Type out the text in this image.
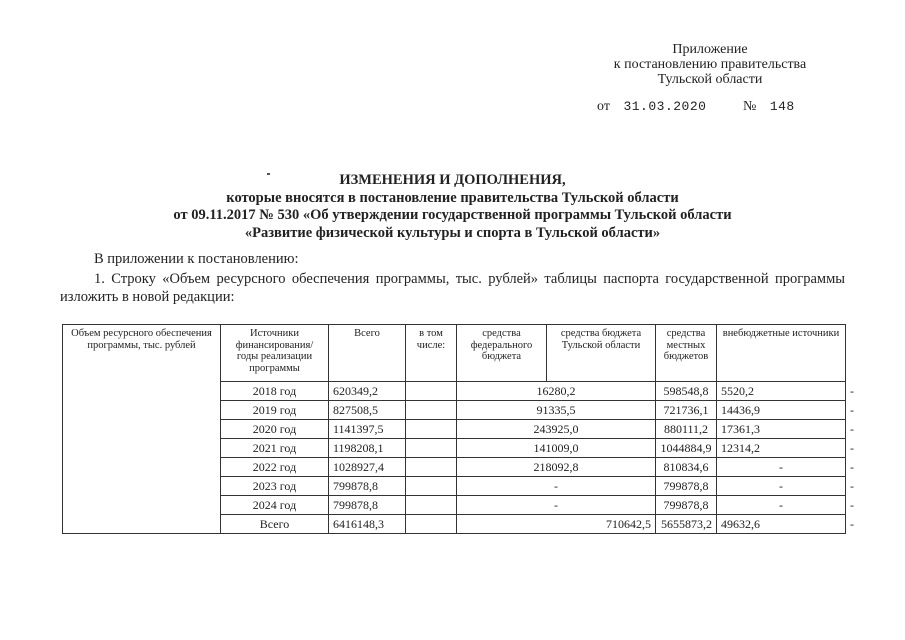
Приложение
к постановлению правительства
Тульской области
от 31.03.2020	№ 148
ИЗМЕНЕНИЯ И ДОПОЛНЕНИЯ,
которые вносятся в постановление правительства Тульской области
от 09.11.2017 № 530 «Об утверждении государственной программы Тульской области
«Развитие физической культуры и спорта в Тульской области»
В приложении к постановлению:
1. Строку «Объем ресурсного обеспечения программы, тыс. рублей» таблицы паспорта государственной программы изложить в новой редакции:
Объем ресурсного обеспечения программы, тыс. рублей	Источники финансирования/ годы реализации программы	Всего	в том числе:	средства федерального бюджета	средства бюджета Тульской области	средства местных бюджетов	внебюджетные источники	
	2018 год	620349,2		16280,2		598548,8	5520,2	-
	2019 год	827508,5		91335,5		721736,1	14436,9	-
	2020 год	1141397,5		243925,0		880111,2	17361,3	-
	2021 год	1198208,1		141009,0		1044884,9	12314,2	-
	2022 год	1028927,4		218092,8		810834,6	-	-
	2023 год	799878,8		-		799878,8	-	-
	2024 год	799878,8		-		799878,8	-	-
	Всего	6416148,3		710642,5		5655873,2	49632,6	-
